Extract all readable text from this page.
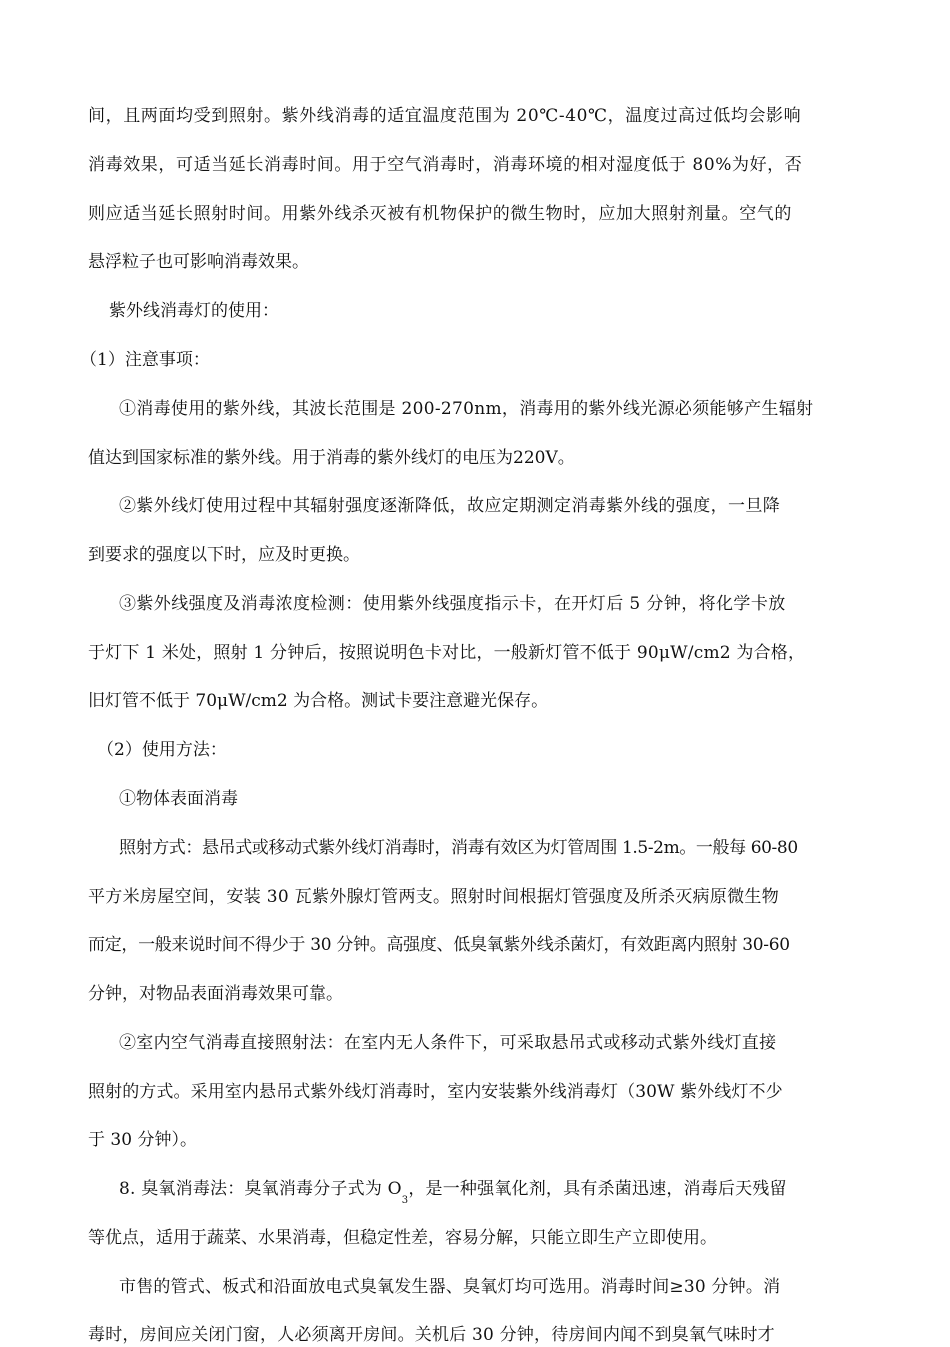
间，且两面均受到照射。紫外线消毒的适宜温度范围为 20℃-40℃，温度过高过低均会影响
消毒效果，可适当延长消毒时间。用于空气消毒时，消毒环境的相对湿度低于 80%为好，否
则应适当延长照射时间。用紫外线杀灭被有机物保护的微生物时，应加大照射剂量。空气的
悬浮粒子也可影响消毒效果。
紫外线消毒灯的使用：
（1）注意事项：
①消毒使用的紫外线，其波长范围是 200-270nm，消毒用的紫外线光源必须能够产生辐射
值达到国家标准的紫外线。用于消毒的紫外线灯的电压为220V。
②紫外线灯使用过程中其辐射强度逐渐降低，故应定期测定消毒紫外线的强度，一旦降
到要求的强度以下时，应及时更换。
③紫外线强度及消毒浓度检测：使用紫外线强度指示卡，在开灯后 5 分钟，将化学卡放
于灯下 1 米处，照射 1 分钟后，按照说明色卡对比，一般新灯管不低于 90μW/cm2 为合格，
旧灯管不低于 70μW/cm2 为合格。测试卡要注意避光保存。
（2）使用方法：
①物体表面消毒
照射方式：悬吊式或移动式紫外线灯消毒时，消毒有效区为灯管周围 1.5-2m。一般每 60-80
平方米房屋空间，安装 30 瓦紫外腺灯管两支。照射时间根据灯管强度及所杀灭病原微生物
而定，一般来说时间不得少于 30 分钟。高强度、低臭氧紫外线杀菌灯，有效距离内照射 30-60
分钟，对物品表面消毒效果可靠。
②室内空气消毒直接照射法：在室内无人条件下，可采取悬吊式或移动式紫外线灯直接
照射的方式。采用室内悬吊式紫外线灯消毒时，室内安装紫外线消毒灯（30W 紫外线灯不少
于 30 分钟）。
8. 臭氧消毒法：臭氧消毒分子式为 $O_3$，是一种强氧化剂，具有杀菌迅速，消毒后天残留
等优点，适用于蔬菜、水果消毒，但稳定性差，容易分解，只能立即生产立即使用。
市售的管式、板式和沿面放电式臭氧发生器、臭氧灯均可选用。消毒时间≥30 分钟。消
毒时，房间应关闭门窗，人必须离开房间。关机后 30 分钟，待房间内闻不到臭氧气味时才
